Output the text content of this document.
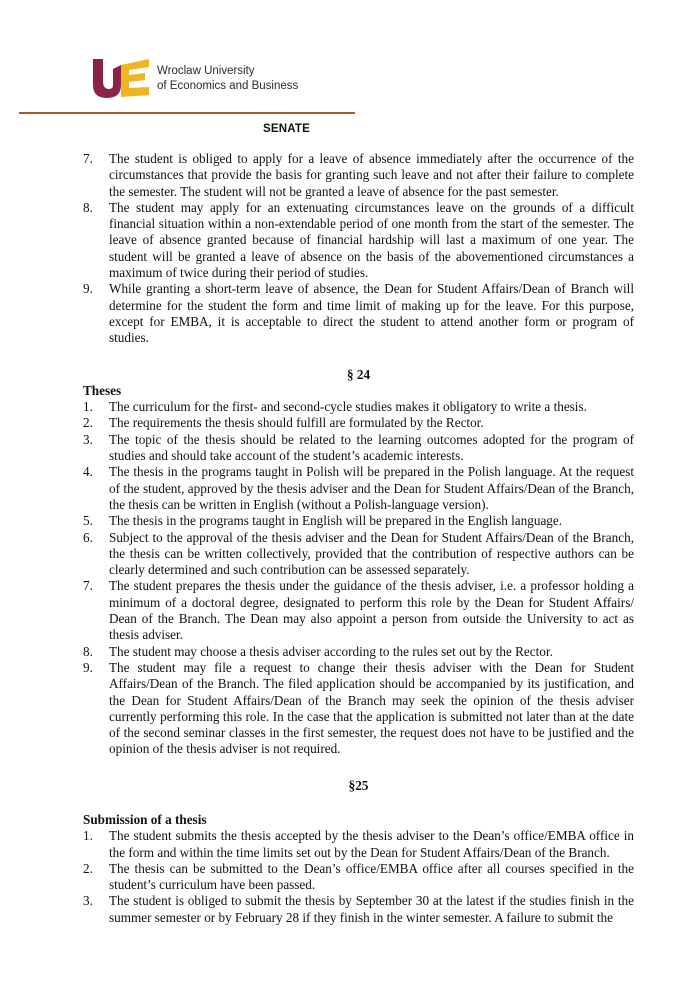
Wroclaw University
of Economics and Business
SENATE
7. The student is obliged to apply for a leave of absence immediately after the occurrence of the circumstances that provide the basis for granting such leave and not after their failure to complete the semester. The student will not be granted a leave of absence for the past semester.
8. The student may apply for an extenuating circumstances leave on the grounds of a difficult financial situation within a non-extendable period of one month from the start of the semester. The leave of absence granted because of financial hardship will last a maximum of one year. The student will be granted a leave of absence on the basis of the abovementioned circumstances a maximum of twice during their period of studies.
9. While granting a short-term leave of absence, the Dean for Student Affairs/Dean of Branch will determine for the student the form and time limit of making up for the leave. For this purpose, except for EMBA, it is acceptable to direct the student to attend another form or program of studies.
§ 24
Theses
1. The curriculum for the first- and second-cycle studies makes it obligatory to write a thesis.
2. The requirements the thesis should fulfill are formulated by the Rector.
3. The topic of the thesis should be related to the learning outcomes adopted for the program of studies and should take account of the student’s academic interests.
4. The thesis in the programs taught in Polish will be prepared in the Polish language. At the request of the student, approved by the thesis adviser and the Dean for Student Affairs/Dean of the Branch, the thesis can be written in English (without a Polish-language version).
5. The thesis in the programs taught in English will be prepared in the English language.
6. Subject to the approval of the thesis adviser and the Dean for Student Affairs/Dean of the Branch, the thesis can be written collectively, provided that the contribution of respective authors can be clearly determined and such contribution can be assessed separately.
7. The student prepares the thesis under the guidance of the thesis adviser, i.e. a professor holding a minimum of a doctoral degree, designated to perform this role by the Dean for Student Affairs/ Dean of the Branch. The Dean may also appoint a person from outside the University to act as thesis adviser.
8. The student may choose a thesis adviser according to the rules set out by the Rector.
9. The student may file a request to change their thesis adviser with the Dean for Student Affairs/Dean of the Branch. The filed application should be accompanied by its justification, and the Dean for Student Affairs/Dean of the Branch may seek the opinion of the thesis adviser currently performing this role. In the case that the application is submitted not later than at the date of the second seminar classes in the first semester, the request does not have to be justified and the opinion of the thesis adviser is not required.
§25
Submission of a thesis
1. The student submits the thesis accepted by the thesis adviser to the Dean’s office/EMBA office in the form and within the time limits set out by the Dean for Student Affairs/Dean of the Branch.
2. The thesis can be submitted to the Dean’s office/EMBA office after all courses specified in the student’s curriculum have been passed.
3. The student is obliged to submit the thesis by September 30 at the latest if the studies finish in the summer semester or by February 28 if they finish in the winter semester. A failure to submit the
